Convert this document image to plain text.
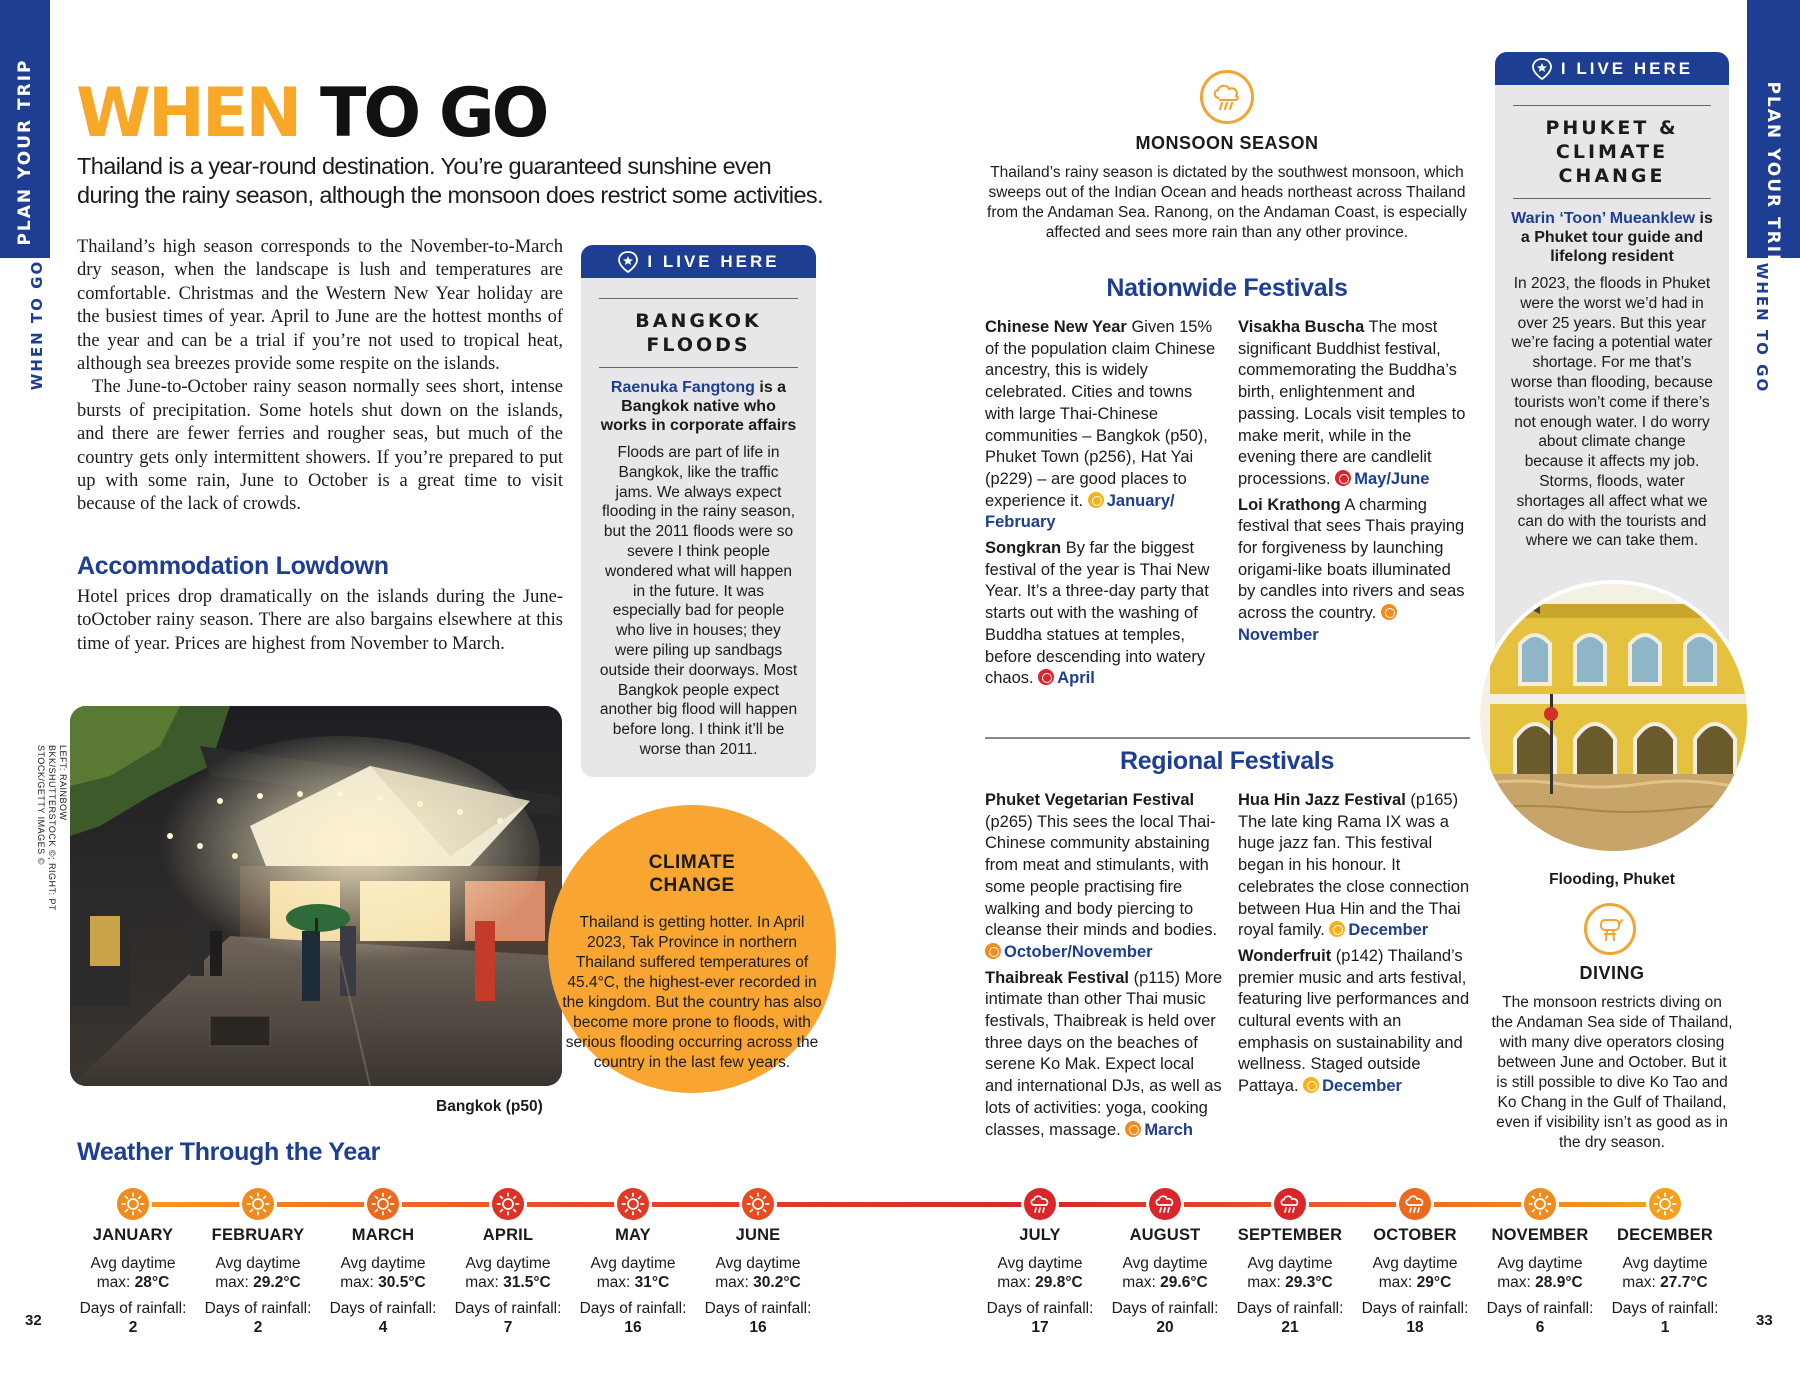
PLAN YOUR TRIP
WHEN TO GO
PLAN YOUR TRIP
WHEN TO GO
WHEN TO GO
Thailand is a year-round destination. You’re guaranteed sunshine even during the rainy season, although the monsoon does restrict some activities.

Thailand’s high season corresponds to the November-to-March dry season, when the landscape is lush and temperatures are comfortable. Christmas and the Western New Year holiday are the busiest times of year. April to June are the hottest months of the year and can be a trial if you’re not used to tropical heat, although sea breezes provide some respite on the islands.

The June-to-October rainy season normally sees short, intense bursts of precipitation. Some hotels shut down on the islands, and there are fewer ferries and rougher seas, but much of the country gets only intermittent showers. If you’re prepared to put up with some rain, June to October is a great time to visit because of the lack of crowds.

Accommodation Lowdown
Hotel prices drop dramatically on the islands during the June-toOctober rainy season. There are also bargains elsewhere at this time of year. Prices are highest from November to March.
LEFT: RAINBOW BKK/SHUTTERSTOCK ©; RIGHT: PT STOCK/GETTY IMAGES ©
Bangkok (p50)
I LIVE HERE
BANGKOK
FLOODS
Raenuka Fangtong is a Bangkok native who works in corporate affairs
Floods are part of life in Bangkok, like the traffic jams. We always expect flooding in the rainy season, but the 2011 floods were so severe I think people wondered what will happen in the future. It was especially bad for people who live in houses; they were piling up sandbags outside their doorways. Most Bangkok people expect another big flood will happen before long. I think it’ll be worse than 2011.
CLIMATE
CHANGE
Thailand is getting hotter. In April 2023, Tak Province in northern Thailand suffered temperatures of 45.4°C, the highest-ever recorded in the kingdom. But the country has also become more prone to floods, with serious flooding occurring across the country in the last few years.
MONSOON SEASON
Thailand’s rainy season is dictated by the southwest monsoon, which sweeps out of the Indian Ocean and heads northeast across Thailand from the Andaman Sea. Ranong, on the Andaman Coast, is especially affected and sees more rain than any other province.
Nationwide Festivals

Chinese New Year Given 15% of the population claim Chinese ancestry, this is widely celebrated. Cities and towns with large Thai-Chinese communities – Bangkok (p50), Phuket Town (p256), Hat Yai (p229) – are good places to experience it. January/ February

Songkran By far the biggest festival of the year is Thai New Year. It’s a three-day party that starts out with the washing of Buddha statues at temples, before descending into watery chaos. April

Visakha Buscha The most significant Buddhist festival, commemorating the Buddha’s birth, enlightenment and passing. Locals visit temples to make merit, while in the evening there are candlelit processions. May/June

Loi Krathong A charming festival that sees Thais praying for forgiveness by launching origami-like boats illuminated by candles into rivers and seas across the country. November

Regional Festivals

Phuket Vegetarian Festival (p265) This sees the local Thai-Chinese community abstaining from meat and stimulants, with some people practising fire walking and body piercing to cleanse their minds and bodies. October/November

Thaibreak Festival (p115) More intimate than other Thai music festivals, Thaibreak is held over three days on the beaches of serene Ko Mak. Expect local and international DJs, as well as lots of activities: yoga, cooking classes, massage. March

Hua Hin Jazz Festival (p165) The late king Rama IX was a huge jazz fan. This festival began in his honour. It celebrates the close connection between Hua Hin and the Thai royal family. December

Wonderfruit (p142) Thailand’s premier music and arts festival, featuring live performances and cultural events with an emphasis on sustainability and wellness. Staged outside Pattaya. December

I LIVE HERE
PHUKET &
CLIMATE
CHANGE
Warin ‘Toon’ Mueanklew is a Phuket tour guide and lifelong resident
In 2023, the floods in Phuket were the worst we’d had in over 25 years. But this year we’re facing a potential water shortage. For me that’s worse than flooding, because tourists won’t come if there’s not enough water. I do worry about climate change because it affects my job. Storms, floods, water shortages all affect what we can do with the tourists and where we can take them.
Flooding, Phuket
DIVING
The monsoon restricts diving on the Andaman Sea side of Thailand, with many dive operators closing between June and October. But it is still possible to dive Ko Tao and Ko Chang in the Gulf of Thailand, even if visibility isn’t as good as in the dry season.
Weather Through the Year
JANUARY
Avg daytime
max: 28°C
Days of rainfall:
2
FEBRUARY
Avg daytime
max: 29.2°C
Days of rainfall:
2
MARCH
Avg daytime
max: 30.5°C
Days of rainfall:
4
APRIL
Avg daytime
max: 31.5°C
Days of rainfall:
7
MAY
Avg daytime
max: 31°C
Days of rainfall:
16
JUNE
Avg daytime
max: 30.2°C
Days of rainfall:
16
JULY
Avg daytime
max: 29.8°C
Days of rainfall:
17
AUGUST
Avg daytime
max: 29.6°C
Days of rainfall:
20
SEPTEMBER
Avg daytime
max: 29.3°C
Days of rainfall:
21
OCTOBER
Avg daytime
max: 29°C
Days of rainfall:
18
NOVEMBER
Avg daytime
max: 28.9°C
Days of rainfall:
6
DECEMBER
Avg daytime
max: 27.7°C
Days of rainfall:
1
32	33
